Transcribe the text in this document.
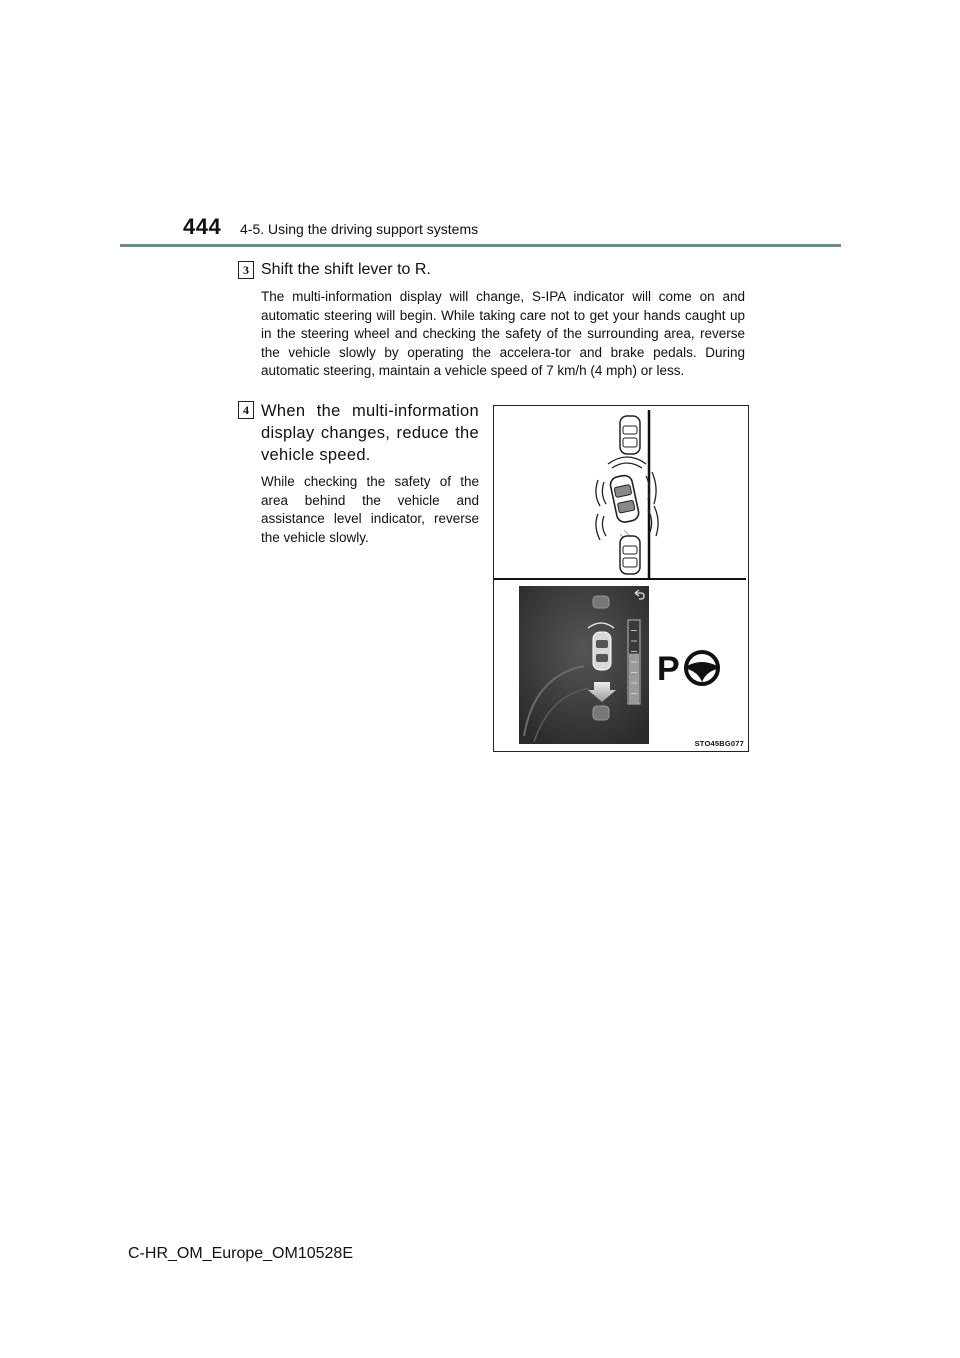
444 4-5. Using the driving support systems
3 Shift the shift lever to R.
The multi-information display will change, S-IPA indicator will come on and automatic steering will begin. While taking care not to get your hands caught up in the steering wheel and checking the safety of the surrounding area, reverse the vehicle slowly by operating the accelera-tor and brake pedals. During automatic steering, maintain a vehicle speed of 7 km/h (4 mph) or less.
4 When the multi-information display changes, reduce the vehicle speed.
While checking the safety of the area behind the vehicle and assistance level indicator, reverse the vehicle slowly.
P
STO45BG077
C-HR_OM_Europe_OM10528E
